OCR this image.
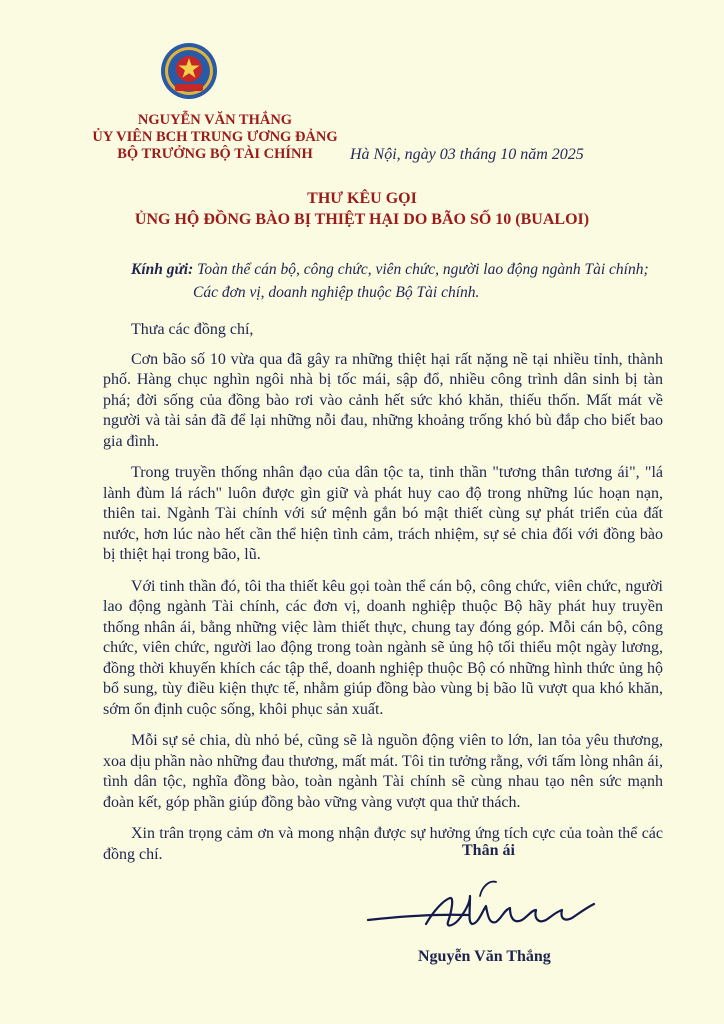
NGUYỄN VĂN THẮNG
ỦY VIÊN BCH TRUNG ƯƠNG ĐẢNG
BỘ TRƯỞNG BỘ TÀI CHÍNH	Hà Nội, ngày 03 tháng 10 năm 2025
THƯ KÊU GỌI
ỦNG HỘ ĐỒNG BÀO BỊ THIỆT HẠI DO BÃO SỐ 10 (BUALOI)
Kính gửi: Toàn thể cán bộ, công chức, viên chức, người lao động ngành Tài chính;
Các đơn vị, doanh nghiệp thuộc Bộ Tài chính.

Thưa các đồng chí,

Cơn bão số 10 vừa qua đã gây ra những thiệt hại rất nặng nề tại nhiều tỉnh, thành phố. Hàng chục nghìn ngôi nhà bị tốc mái, sập đổ, nhiều công trình dân sinh bị tàn phá; đời sống của đồng bào rơi vào cảnh hết sức khó khăn, thiếu thốn. Mất mát về người và tài sản đã để lại những nỗi đau, những khoảng trống khó bù đắp cho biết bao gia đình.

Trong truyền thống nhân đạo của dân tộc ta, tinh thần "tương thân tương ái", "lá lành đùm lá rách" luôn được gìn giữ và phát huy cao độ trong những lúc hoạn nạn, thiên tai. Ngành Tài chính với sứ mệnh gắn bó mật thiết cùng sự phát triển của đất nước, hơn lúc nào hết cần thể hiện tình cảm, trách nhiệm, sự sẻ chia đối với đồng bào bị thiệt hại trong bão, lũ.

Với tinh thần đó, tôi tha thiết kêu gọi toàn thể cán bộ, công chức, viên chức, người lao động ngành Tài chính, các đơn vị, doanh nghiệp thuộc Bộ hãy phát huy truyền thống nhân ái, bằng những việc làm thiết thực, chung tay đóng góp. Mỗi cán bộ, công chức, viên chức, người lao động trong toàn ngành sẽ ủng hộ tối thiểu một ngày lương, đồng thời khuyến khích các tập thể, doanh nghiệp thuộc Bộ có những hình thức ủng hộ bổ sung, tùy điều kiện thực tế, nhằm giúp đồng bào vùng bị bão lũ vượt qua khó khăn, sớm ổn định cuộc sống, khôi phục sản xuất.

Mỗi sự sẻ chia, dù nhỏ bé, cũng sẽ là nguồn động viên to lớn, lan tỏa yêu thương, xoa dịu phần nào những đau thương, mất mát. Tôi tin tưởng rằng, với tấm lòng nhân ái, tình dân tộc, nghĩa đồng bào, toàn ngành Tài chính sẽ cùng nhau tạo nên sức mạnh đoàn kết, góp phần giúp đồng bào vững vàng vượt qua thử thách.

Xin trân trọng cảm ơn và mong nhận được sự hưởng ứng tích cực của toàn thể các đồng chí.	Thân ái
Nguyễn Văn Thắng
